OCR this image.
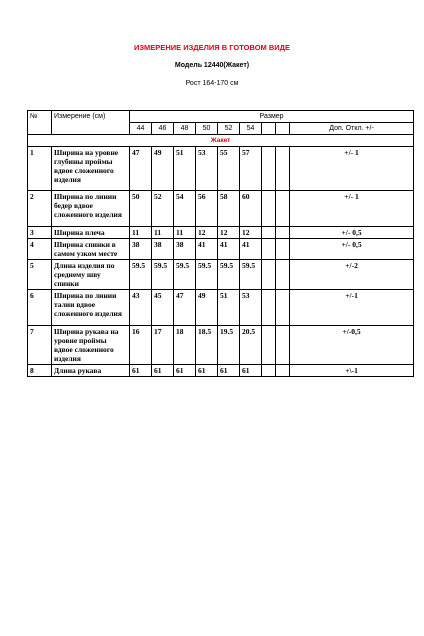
ИЗМЕРЕНИЕ ИЗДЕЛИЯ В ГОТОВОМ ВИДЕ
Модель 12440(Жакет)
Рост 164-170 см
№	Измерение (см)	Размер								
		44	46	48	50	52	54			Доп. Откл. +/-
Жакет										
1	Ширина на уровне глубины проймы вдвое сложенного изделия	47	49	51	53	55	57			+/- 1
2	Ширина по линии бедер вдвое сложенного изделия	50	52	54	56	58	60			+/- 1
3	Ширина плеча	11	11	11	12	12	12			+/- 0,5
4	Ширина спинки в самом узком месте	38	38	38	41	41	41			+/- 0,5
5	Длина изделия по среднему шву спинки	59.5	59.5	59.5	59.5	59.5	59.5			+/-2
6	Ширина по линии талии вдвое сложенного изделия	43	45	47	49	51	53			+/-1
7	Ширина рукава на уровне проймы вдвое сложенного изделия	16	17	18	18.5	19.5	20.5			+/-0,5
8	Длина рукава	61	61	61	61	61	61			+\-1
